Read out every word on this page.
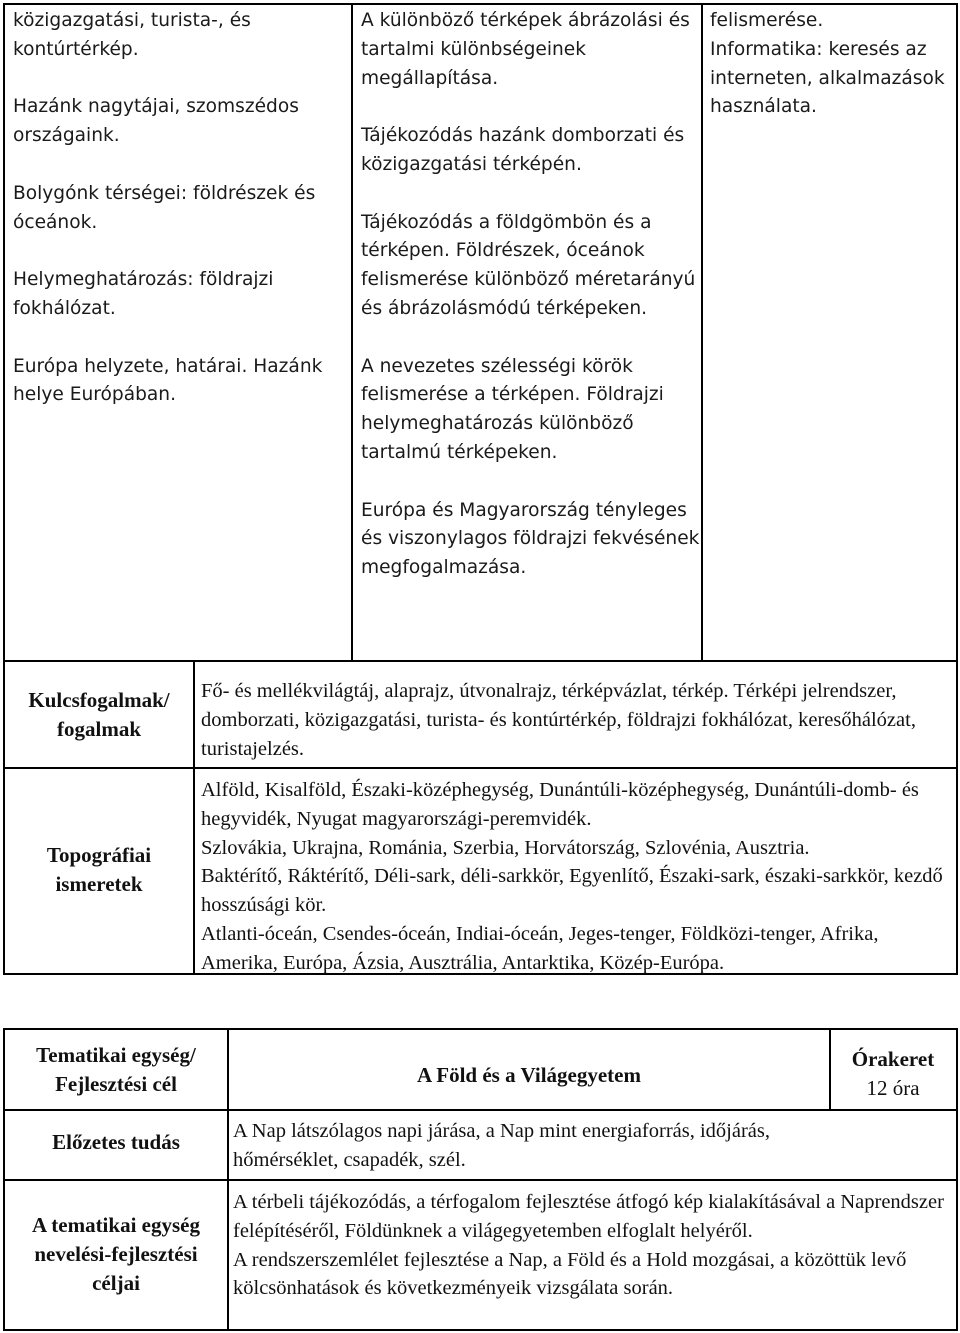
közigazgatási, turista-, és kontúrtérkép.

Hazánk nagytájai, szomszédos országaink.

Bolygónk térségei: földrészek és óceánok.

Helymeghatározás: földrajzi fokhálózat.

Európa helyzete, határai. Hazánk helye Európában.

A különböző térképek ábrázolási és tartalmi különbségeinek megállapítása.

Tájékozódás hazánk domborzati és közigazgatási térképén.

Tájékozódás a földgömbön és a térképen. Földrészek, óceánok felismerése különböző méretarányú és ábrázolásmódú térképeken.

A nevezetes szélességi körök felismerése a térképen. Földrajzi helymeghatározás különböző tartalmú térképeken.

Európa és Magyarország tényleges és viszonylagos földrajzi fekvésének megfogalmazása.

felismerése.

Informatika: keresés az interneten, alkalmazások használata.

Kulcsfogalmak/ fogalmak
Fő- és mellékvilágtáj, alaprajz, útvonalrajz, térképvázlat, térkép. Térképi jelrendszer, domborzati, közigazgatási, turista- és kontúrtérkép, földrajzi fokhálózat, keresőhálózat, turistajelzés.
Topográfiai ismeretek

Alföld, Kisalföld, Északi-középhegység, Dunántúli-középhegység, Dunántúli-domb- és hegyvidék, Nyugat magyarországi-peremvidék.

Szlovákia, Ukrajna, Románia, Szerbia, Horvátország, Szlovénia, Ausztria.

Baktérítő, Ráktérítő, Déli-sark, déli-sarkkör, Egyenlítő, Északi-sark, északi-sarkkör, kezdő hosszúsági kör.

Atlanti-óceán, Csendes-óceán, Indiai-óceán, Jeges-tenger, Földközi-tenger, Afrika, Amerika, Európa, Ázsia, Ausztrália, Antarktika, Közép-Európa.

Tematikai egység/ Fejlesztési cél	A Föld és a Világegyetem
Órakeret
12 óra
Előzetes tudás	A Nap látszólagos napi járása, a Nap mint energiaforrás, időjárás, hőmérséklet, csapadék, szél.
A tematikai egység nevelési-fejlesztési céljai

A térbeli tájékozódás, a térfogalom fejlesztése átfogó kép kialakításával a Naprendszer felépítéséről, Földünknek a világegyetemben elfoglalt helyéről.

A rendszerszemlélet fejlesztése a Nap, a Föld és a Hold mozgásai, a közöttük levő kölcsönhatások és következményeik vizsgálata során.
